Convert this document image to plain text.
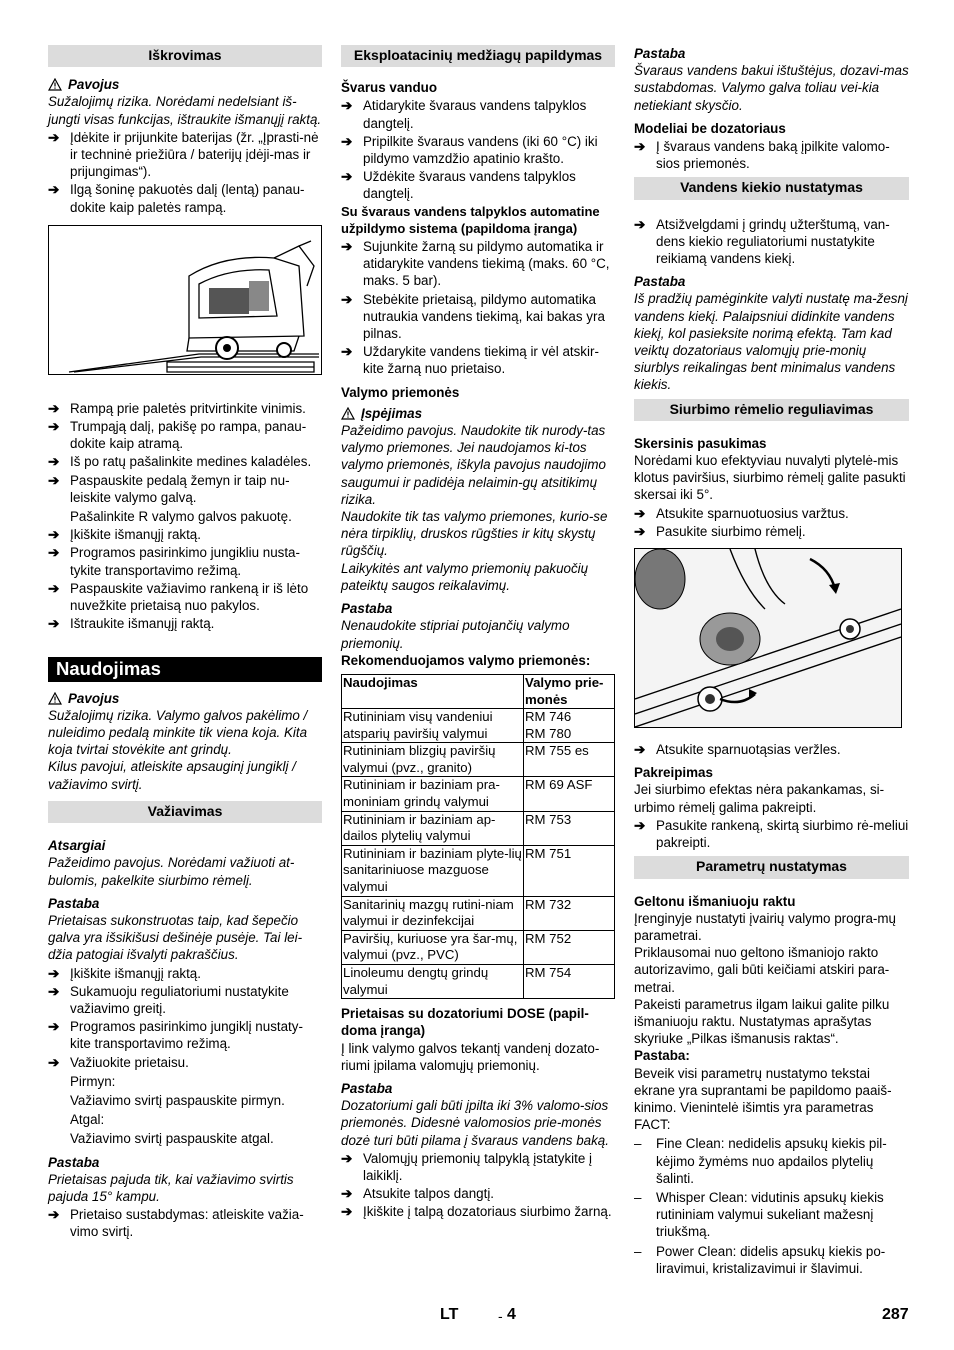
Iškrovimas
Pavojus

Sužalojimų rizika. Norėdami nedelsiant iš-jungti visas funkcijas, ištraukite išmanųjį raktą.

➔ Įdėkite ir prijunkite baterijas (žr. „Įprasti-nė ir techninė priežiūra / baterijų įdėji-mas ir prijungimas“).
➔ Ilgą šoninę pakuotės dalį (lentą) panau-dokite kaip paletės rampą.
➔ Rampą prie paletės pritvirtinkite vinimis.
➔ Trumpąją dalį, pakišę po rampa, panau-dokite kaip atramą.
➔ Iš po ratų pašalinkite medines kaladėles.
➔ Paspauskite pedalą žemyn ir taip nu-leiskite valymo galvą.

Pašalinkite R valymo galvos pakuotę.

➔ Įkiškite išmanųjį raktą.
➔ Programos pasirinkimo jungikliu nusta-tykite transportavimo režimą.
➔ Paspauskite važiavimo rankeną ir iš lėto nuvežkite prietaisą nuo pakylos.
➔ Ištraukite išmanųjį raktą.
Naudojimas
Pavojus

Sužalojimų rizika. Valymo galvos pakėlimo / nuleidimo pedalą minkite tik viena koja. Kita koja tvirtai stovėkite ant grindų.

Kilus pavojui, atleiskite apsauginį jungiklį / važiavimo svirtį.

Važiavimas

Atsargiai

Pažeidimo pavojus. Norėdami važiuoti at-bulomis, pakelkite siurbimo rėmelį.

Pastaba

Prietaisas sukonstruotas taip, kad šepečio galva yra išsikišusi dešinėje pusėje. Tai lei-džia patogiai išvalyti pakraščius.

➔ Įkiškite išmanųjį raktą.
➔ Sukamuoju reguliatoriumi nustatykite važiavimo greitį.
➔ Programos pasirinkimo jungiklį nustaty-kite transportavimo režimą.
➔ Važiuokite prietaisu.

Pirmyn:

Važiavimo svirtį paspauskite pirmyn.

Atgal:

Važiavimo svirtį paspauskite atgal.

Pastaba

Prietaisas pajuda tik, kai važiavimo svirtis pajuda 15° kampu.

➔ Prietaiso sustabdymas: atleiskite važia-vimo svirtį.
Eksploatacinių medžiagų papildymas

Švarus vanduo

➔ Atidarykite švaraus vandens talpyklos dangtelį.
➔ Pripilkite švaraus vandens (iki 60 °C) iki pildymo vamzdžio apatinio krašto.
➔ Uždėkite švaraus vandens talpyklos dangtelį.

Su švaraus vandens talpyklos automatine užpildymo sistema (papildoma įranga)

➔ Sujunkite žarną su pildymo automatika ir atidarykite vandens tiekimą (maks. 60 °C, maks. 5 bar).
➔ Stebėkite prietaisą, pildymo automatika nutraukia vandens tiekimą, kai bakas yra pilnas.
➔ Uždarykite vandens tiekimą ir vėl atskir-kite žarną nuo prietaiso.

Valymo priemonės

Įspėjimas

Pažeidimo pavojus. Naudokite tik nurody-tas valymo priemones. Jei naudojamos ki-tos valymo priemonės, iškyla pavojus naudojimo saugumui ir padidėja nelaimin-gų atsitikimų rizika.

Naudokite tik tas valymo priemones, kurio-se nėra tirpiklių, druskos rūgšties ir kitų skystų rūgščių.

Laikykitės ant valymo priemonių pakuočių pateiktų saugos reikalavimų.

Pastaba

Nenaudokite stipriai putojančių valymo priemonių.

Rekomenduojamos valymo priemonės:

Naudojimas	Valymo prie-monės
Rutininiam visų vandeniui atsparių paviršių valymui	RM 746
RM 780
Rutininiam blizgių paviršių valymui (pvz., granito)	RM 755 es
Rutininiam ir baziniam pra-moniniam grindų valymui	RM 69 ASF
Rutininiam ir baziniam ap-dailos plytelių valymui	RM 753
Rutininiam ir baziniam plyte-lių sanitariniuose mazguose valymui	RM 751
Sanitarinių mazgų rutini-niam valymui ir dezinfekcijai	RM 732
Paviršių, kuriuose yra šar-mų, valymui (pvz., PVC)	RM 752
Linoleumu dengtų grindų valymui	RM 754

Prietaisas su dozatoriumi DOSE (papil-doma įranga)

Į link valymo galvos tekantį vandenį dozato-riumi įpilama valomųjų priemonių.

Pastaba

Dozatoriumi gali būti įpilta iki 3% valomo-sios priemonės. Didesnė valomosios prie-monės dozė turi būti pilama į švaraus vandens baką.

➔ Valomųjų priemonių talpyklą įstatykite į laikiklį.
➔ Atsukite talpos dangtį.
➔ Įkiškite į talpą dozatoriaus siurbimo žarną.

Pastaba

Švaraus vandens bakui ištuštėjus, dozavi-mas sustabdomas. Valymo galva toliau vei-kia netiekiant skysčio.

Modeliai be dozatoriaus

➔ Į švaraus vandens baką įpilkite valomo-sios priemonės.
Vandens kiekio nustatymas
➔ Atsižvelgdami į grindų užterštumą, van-dens kiekio reguliatoriumi nustatykite reikiamą vandens kiekį.

Pastaba

Iš pradžių pamėginkite valyti nustatę ma-žesnį vandens kiekį. Palaipsniui didinkite vandens kiekį, kol pasieksite norimą efektą. Tam kad veiktų dozatoriaus valomųjų prie-monių siurblys reikalingas bent minimalus vandens kiekis.

Siurbimo rėmelio reguliavimas

Skersinis pasukimas

Norėdami kuo efektyviau nuvalyti plytelė-mis klotus paviršius, siurbimo rėmelį galite pasukti skersai iki 5°.

➔ Atsukite sparnuotuosius varžtus.
➔ Pasukite siurbimo rėmelį.
➔ Atsukite sparnuotąsias veržles.

Pakreipimas

Jei siurbimo efektas nėra pakankamas, si-urbimo rėmelį galima pakreipti.

➔ Pasukite rankeną, skirtą siurbimo rė-meliui pakreipti.
Parametrų nustatymas

Geltonu išmaniuoju raktu

Įrenginyje nustatyti įvairių valymo progra-mų parametrai.

Priklausomai nuo geltono išmaniojo rakto autorizavimo, gali būti keičiami atskiri para-metrai.

Pakeisti parametrus ilgam laikui galite pilku išmaniuoju raktu. Nustatymas aprašytas skyriuke „Pilkas išmanusis raktas“.

Pastaba:

Beveik visi parametrų nustatymo tekstai ekrane yra suprantami be papildomo paaiš-kinimo. Vienintelė išimtis yra parametras FACT:

– Fine Clean: nedidelis apsukų kiekis pil-kėjimo žymėms nuo apdailos plytelių šalinti.
– Whisper Clean: vidutinis apsukų kiekis rutininiam valymui sukeliant mažesnį triukšmą.
– Power Clean: didelis apsukų kiekis po-liravimui, kristalizavimui ir šlavimui.
LT	- 4	287
